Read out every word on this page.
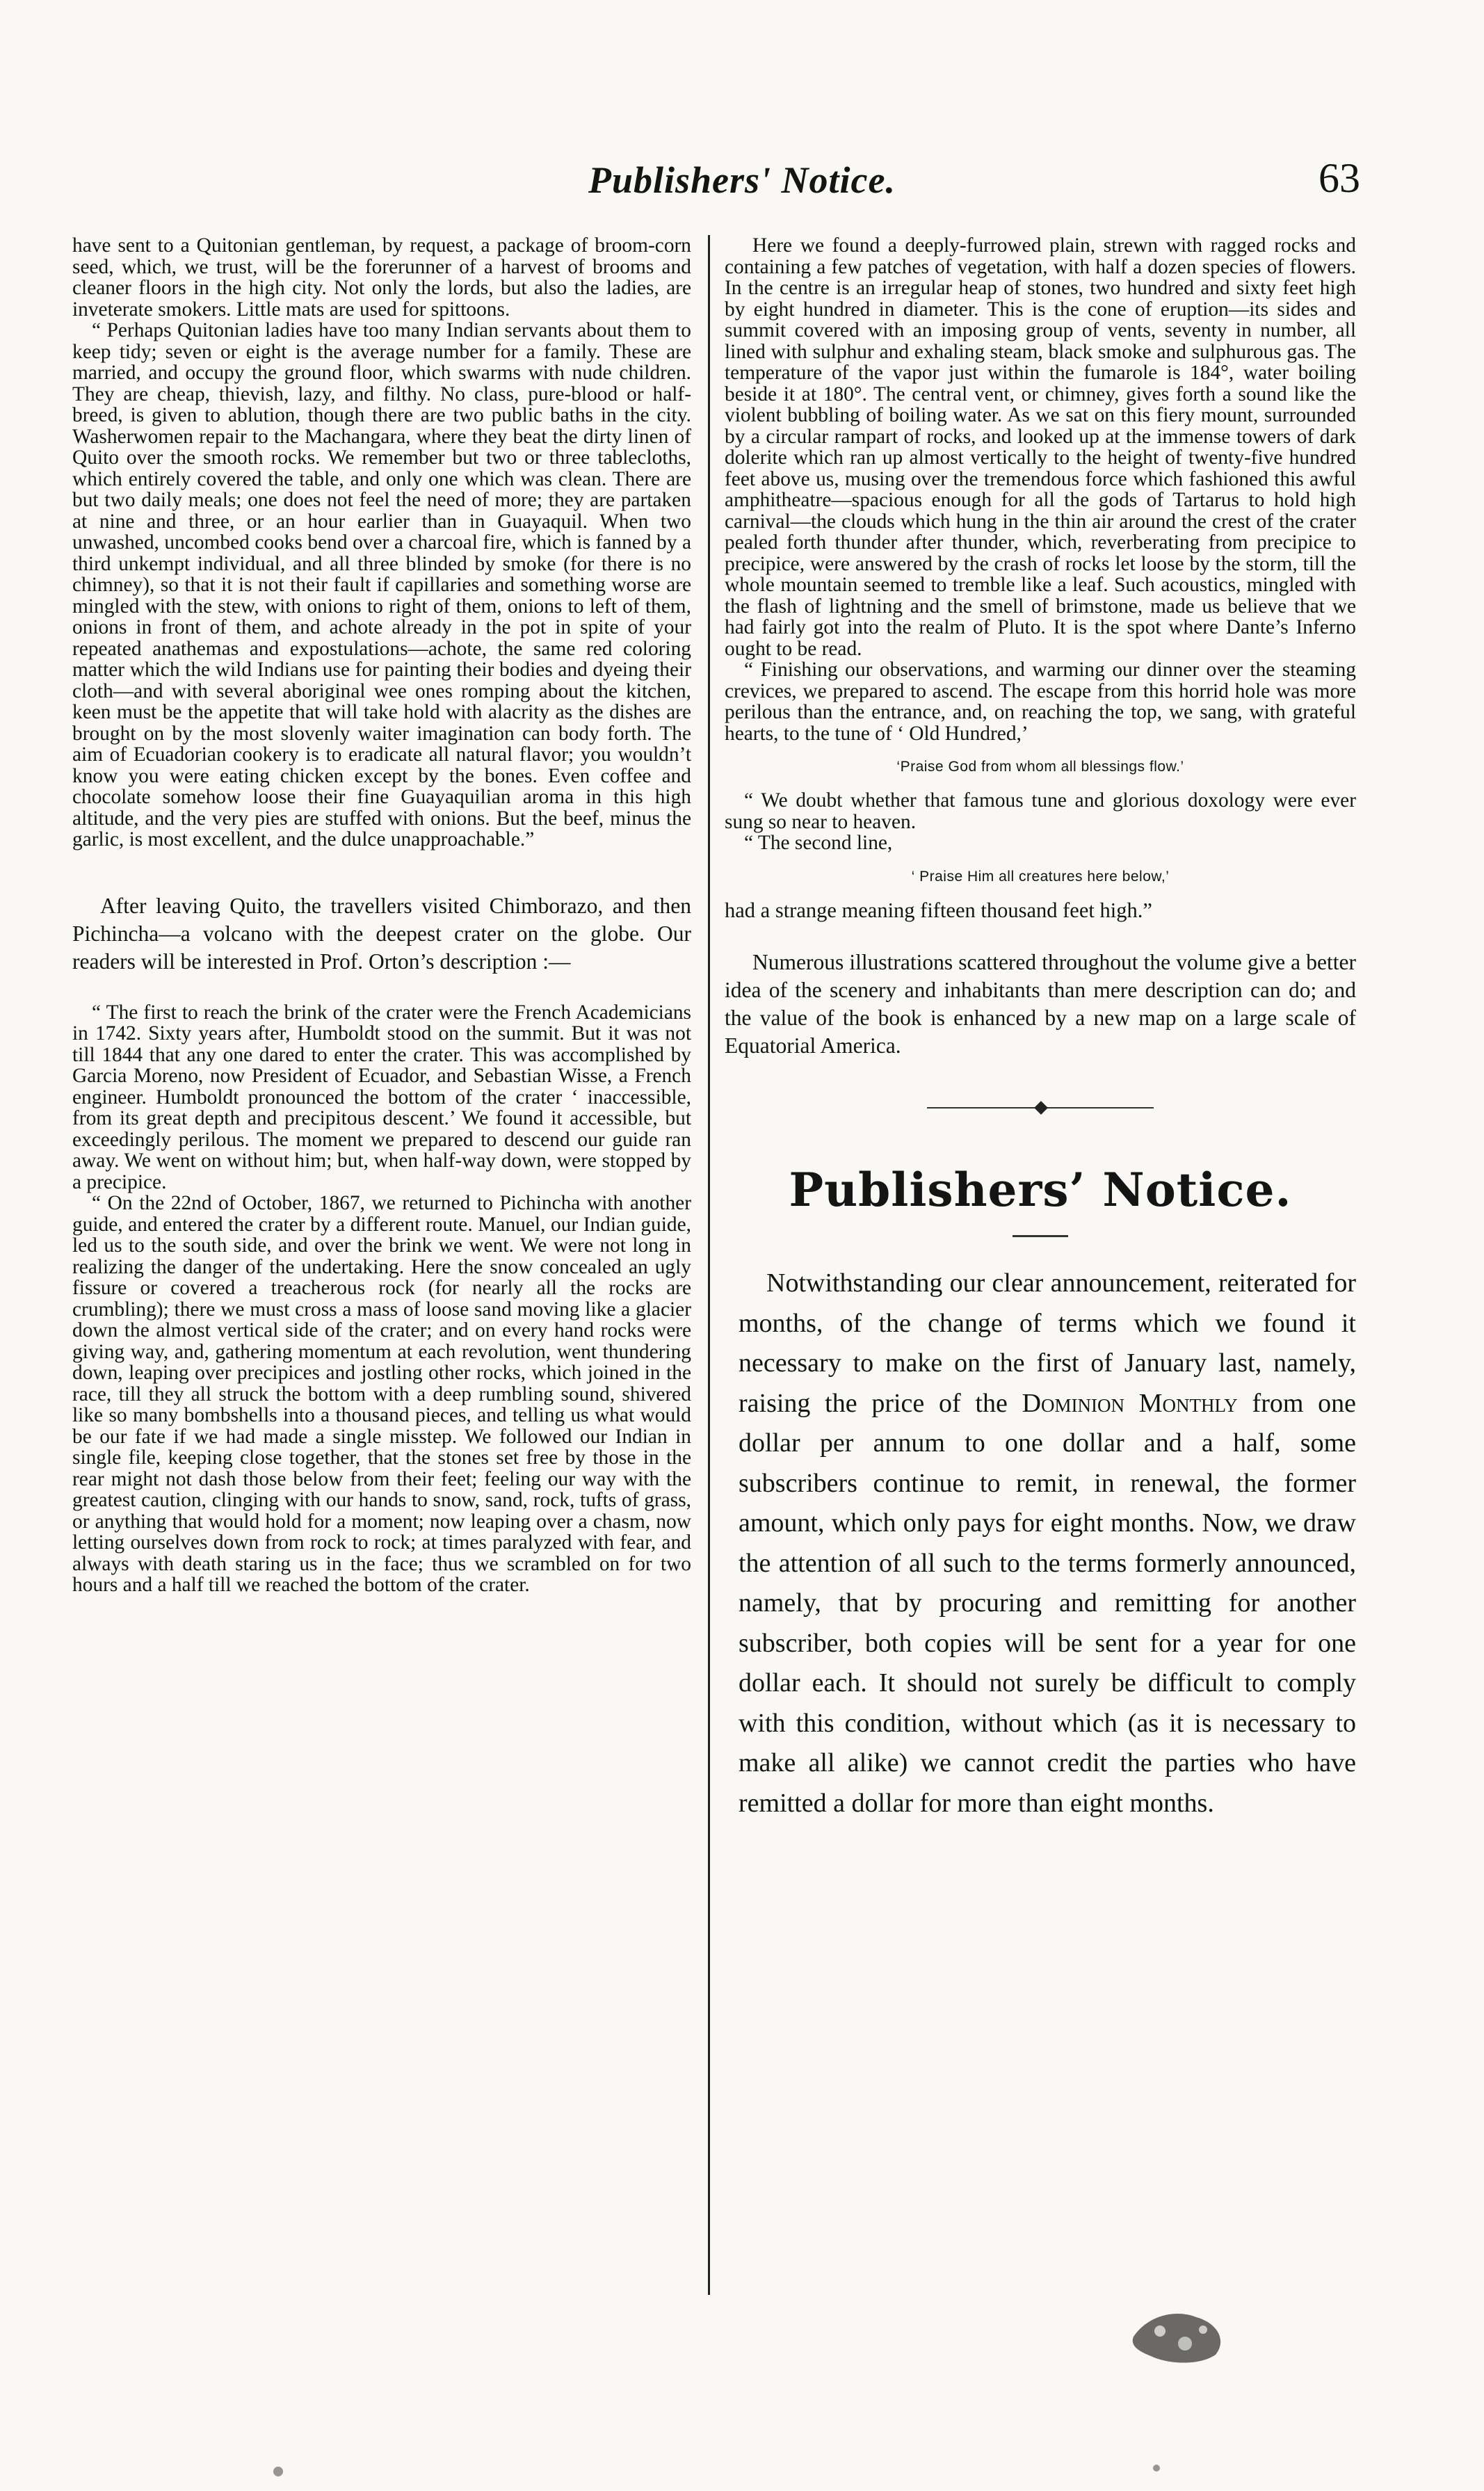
Publishers' Notice.	63

have sent to a Quitonian gentleman, by request, a package of broom-corn seed, which, we trust, will be the forerunner of a harvest of brooms and cleaner floors in the high city. Not only the lords, but also the ladies, are inveterate smokers. Little mats are used for spittoons.

“ Perhaps Quitonian ladies have too many Indian servants about them to keep tidy; seven or eight is the average number for a family. These are married, and occupy the ground floor, which swarms with nude children. They are cheap, thievish, lazy, and filthy. No class, pure-blood or half-breed, is given to ablution, though there are two public baths in the city. Washerwomen repair to the Machangara, where they beat the dirty linen of Quito over the smooth rocks. We remember but two or three tablecloths, which entirely covered the table, and only one which was clean. There are but two daily meals; one does not feel the need of more; they are partaken at nine and three, or an hour earlier than in Guayaquil. When two unwashed, uncombed cooks bend over a charcoal fire, which is fanned by a third unkempt individual, and all three blinded by smoke (for there is no chimney), so that it is not their fault if capillaries and something worse are mingled with the stew, with onions to right of them, onions to left of them, onions in front of them, and achote already in the pot in spite of your repeated anathemas and expostulations—achote, the same red coloring matter which the wild Indians use for painting their bodies and dyeing their cloth—and with several aboriginal wee ones romping about the kitchen, keen must be the appetite that will take hold with alacrity as the dishes are brought on by the most slovenly waiter imagination can body forth. The aim of Ecuadorian cookery is to eradicate all natural flavor; you wouldn’t know you were eating chicken except by the bones. Even coffee and chocolate somehow loose their fine Guayaquilian aroma in this high altitude, and the very pies are stuffed with onions. But the beef, minus the garlic, is most excellent, and the dulce unapproachable.”

After leaving Quito, the travellers visited Chimborazo, and then Pichincha—a volcano with the deepest crater on the globe. Our readers will be interested in Prof. Orton’s description :—

“ The first to reach the brink of the crater were the French Academicians in 1742. Sixty years after, Humboldt stood on the summit. But it was not till 1844 that any one dared to enter the crater. This was accomplished by Garcia Moreno, now President of Ecuador, and Sebastian Wisse, a French engineer. Humboldt pronounced the bottom of the crater ‘ inaccessible, from its great depth and precipitous descent.’ We found it accessible, but exceedingly perilous. The moment we prepared to descend our guide ran away. We went on without him; but, when half-way down, were stopped by a precipice.

“ On the 22nd of October, 1867, we returned to Pichincha with another guide, and entered the crater by a different route. Manuel, our Indian guide, led us to the south side, and over the brink we went. We were not long in realizing the danger of the undertaking. Here the snow concealed an ugly fissure or covered a treacherous rock (for nearly all the rocks are crumbling); there we must cross a mass of loose sand moving like a glacier down the almost vertical side of the crater; and on every hand rocks were giving way, and, gathering momentum at each revolution, went thundering down, leaping over precipices and jostling other rocks, which joined in the race, till they all struck the bottom with a deep rumbling sound, shivered like so many bombshells into a thousand pieces, and telling us what would be our fate if we had made a single misstep. We followed our Indian in single file, keeping close together, that the stones set free by those in the rear might not dash those below from their feet; feeling our way with the greatest caution, clinging with our hands to snow, sand, rock, tufts of grass, or anything that would hold for a moment; now leaping over a chasm, now letting ourselves down from rock to rock; at times paralyzed with fear, and always with death staring us in the face; thus we scrambled on for two hours and a half till we reached the bottom of the crater.

Here we found a deeply-furrowed plain, strewn with ragged rocks and containing a few patches of vegetation, with half a dozen species of flowers. In the centre is an irregular heap of stones, two hundred and sixty feet high by eight hundred in diameter. This is the cone of eruption—its sides and summit covered with an imposing group of vents, seventy in number, all lined with sulphur and exhaling steam, black smoke and sulphurous gas. The temperature of the vapor just within the fumarole is 184°, water boiling beside it at 180°. The central vent, or chimney, gives forth a sound like the violent bubbling of boiling water. As we sat on this fiery mount, surrounded by a circular rampart of rocks, and looked up at the immense towers of dark dolerite which ran up almost vertically to the height of twenty-five hundred feet above us, musing over the tremendous force which fashioned this awful amphitheatre—spacious enough for all the gods of Tartarus to hold high carnival—the clouds which hung in the thin air around the crest of the crater pealed forth thunder after thunder, which, reverberating from precipice to precipice, were answered by the crash of rocks let loose by the storm, till the whole mountain seemed to tremble like a leaf. Such acoustics, mingled with the flash of lightning and the smell of brimstone, made us believe that we had fairly got into the realm of Pluto. It is the spot where Dante’s Inferno ought to be read.

“ Finishing our observations, and warming our dinner over the steaming crevices, we prepared to ascend. The escape from this horrid hole was more perilous than the entrance, and, on reaching the top, we sang, with grateful hearts, to the tune of ‘ Old Hundred,’

‘Praise God from whom all blessings flow.’

“ We doubt whether that famous tune and glorious doxology were ever sung so near to heaven.

“ The second line,

‘ Praise Him all creatures here below,’

had a strange meaning fifteen thousand feet high.”

Numerous illustrations scattered throughout the volume give a better idea of the scenery and inhabitants than mere description can do; and the value of the book is enhanced by a new map on a large scale of Equatorial America.

Publishers’ Notice.

Notwithstanding our clear announcement, reiterated for months, of the change of terms which we found it necessary to make on the first of January last, namely, raising the price of the Dominion Monthly from one dollar per annum to one dollar and a half, some subscribers continue to remit, in renewal, the former amount, which only pays for eight months. Now, we draw the attention of all such to the terms formerly announced, namely, that by procuring and remitting for another subscriber, both copies will be sent for a year for one dollar each. It should not surely be difficult to comply with this condition, without which (as it is necessary to make all alike) we cannot credit the parties who have remitted a dollar for more than eight months.
